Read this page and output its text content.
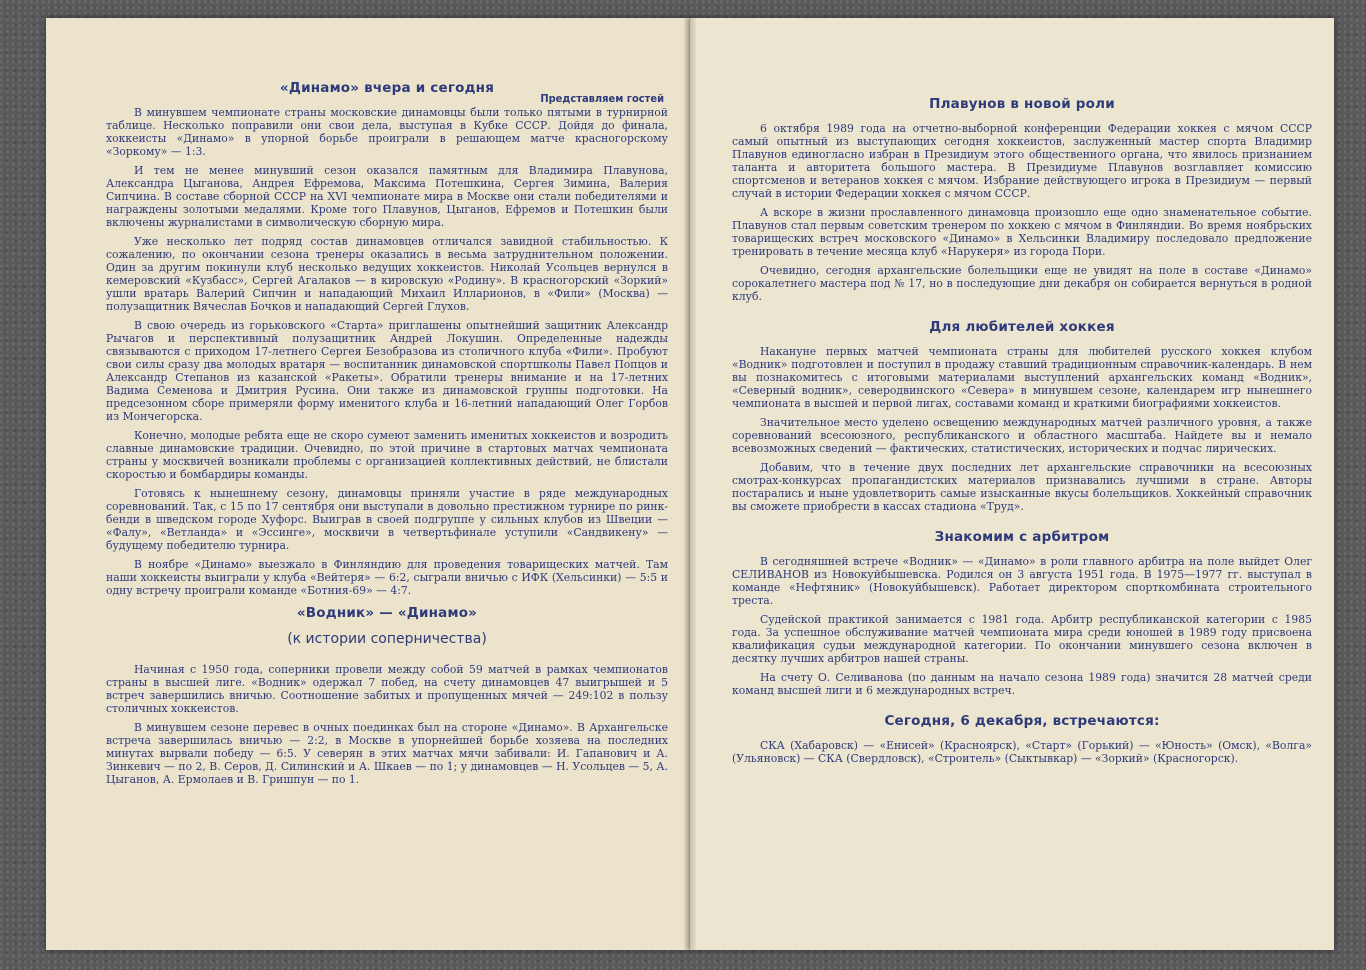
Представляем гостей
«Динамо» вчера и сегодня

В минувшем чемпионате страны московские динамовцы были только пятыми в турнирной таблице. Несколько поправили они свои дела, выступая в Кубке СССР. Дойдя до финала, хоккеисты «Динамо» в упорной борьбе проиграли в решающем матче красногорскому «Зоркому» — 1:3.

И тем не менее минувший сезон оказался памятным для Владимира Плавунова, Александра Цыганова, Андрея Ефремова, Максима Потешкина, Сергея Зимина, Валерия Сипчина. В составе сборной СССР на XVI чемпионате мира в Москве они стали победителями и награждены золотыми медалями. Кроме того Плавунов, Цыганов, Ефремов и Потешкин были включены журналистами в символическую сборную мира.

Уже несколько лет подряд состав динамовцев отличался завидной стабильностью. К сожалению, по окончании сезона тренеры оказались в весьма затруднительном положении. Один за другим покинули клуб несколько ведущих хоккеистов. Николай Усольцев вернулся в кемеровский «Кузбасс», Сергей Агалаков — в кировскую «Родину». В красногорский «Зоркий» ушли вратарь Валерий Сипчин и нападающий Михаил Илларионов, в «Фили» (Москва) — полузащитник Вячеслав Бочков и нападающий Сергей Глухов.

В свою очередь из горьковского «Старта» приглашены опытнейший защитник Александр Рычагов и перспективный полузащитник Андрей Локушин. Определенные надежды связываются с приходом 17-летнего Сергея Безобразова из столичного клуба «Фили». Пробуют свои силы сразу два молодых вратаря — воспитанник динамовской спортшколы Павел Попцов и Александр Степанов из казанской «Ракеты». Обратили тренеры внимание и на 17-летних Вадима Семенова и Дмитрия Русина. Они также из динамовской группы подготовки. На предсезонном сборе примеряли форму именитого клуба и 16-летний нападающий Олег Горбов из Мончегорска.

Конечно, молодые ребята еще не скоро сумеют заменить именитых хоккеистов и возродить славные динамовские традиции. Очевидно, по этой причине в стартовых матчах чемпионата страны у москвичей возникали проблемы с организацией коллективных действий, не блистали скоростью и бомбардиры команды.

Готовясь к нынешнему сезону, динамовцы приняли участие в ряде международных соревнований. Так, с 15 по 17 сентября они выступали в довольно престижном турнире по ринк-бенди в шведском городе Хуфорс. Выиграв в своей подгруппе у сильных клубов из Швеции — «Фалу», «Ветланда» и «Эссинге», москвичи в четвертьфинале уступили «Сандвикену» — будущему победителю турнира.

В ноябре «Динамо» выезжало в Финляндию для проведения товарищеских матчей. Там наши хоккеисты выиграли у клуба «Вейтеря» — 6:2, сыграли вничью с ИФК (Хельсинки) — 5:5 и одну встречу проиграли команде «Ботния-69» — 4:7.

«Водник» — «Динамо»
(к истории соперничества)

Начиная с 1950 года, соперники провели между собой 59 матчей в рамках чемпионатов страны в высшей лиге. «Водник» одержал 7 побед, на счету динамовцев 47 выигрышей и 5 встреч завершились вничью. Соотношение забитых и пропущенных мячей — 249:102 в пользу столичных хоккеистов.

В минувшем сезоне перевес в очных поединках был на стороне «Динамо». В Архангельске встреча завершилась вничью — 2:2, в Москве в упорнейшей борьбе хозяева на последних минутах вырвали победу — 6:5. У северян в этих матчах мячи забивали: И. Гапанович и А. Зинкевич — по 2, В. Серов, Д. Силинский и А. Шкаев — по 1; у динамовцев — Н. Усольцев — 5, А. Цыганов, А. Ермолаев и В. Гришпун — по 1.

Плавунов в новой роли

6 октября 1989 года на отчетно-выборной конференции Федерации хоккея с мячом СССР самый опытный из выступающих сегодня хоккеистов, заслуженный мастер спорта Владимир Плавунов единогласно избран в Президиум этого общественного органа, что явилось признанием таланта и авторитета большого мастера. В Президиуме Плавунов возглавляет комиссию спортсменов и ветеранов хоккея с мячом. Избрание действующего игрока в Президиум — первый случай в истории Федерации хоккея с мячом СССР.

А вскоре в жизни прославленного динамовца произошло еще одно знаменательное событие. Плавунов стал первым советским тренером по хоккею с мячом в Финляндии. Во время ноябрьских товарищеских встреч московского «Динамо» в Хельсинки Владимиру последовало предложение тренировать в течение месяца клуб «Нарукеря» из города Пори.

Очевидно, сегодня архангельские болельщики еще не увидят на поле в составе «Динамо» сорокалетнего мастера под № 17, но в последующие дни декабря он собирается вернуться в родной клуб.

Для любителей хоккея

Накануне первых матчей чемпионата страны для любителей русского хоккея клубом «Водник» подготовлен и поступил в продажу ставший традиционным справочник-календарь. В нем вы познакомитесь с итоговыми материалами выступлений архангельских команд «Водник», «Северный водник», северодвинского «Севера» в минувшем сезоне, календарем игр нынешнего чемпионата в высшей и первой лигах, составами команд и краткими биографиями хоккеистов.

Значительное место уделено освещению международных матчей различного уровня, а также соревнований всесоюзного, республиканского и областного масштаба. Найдете вы и немало всевозможных сведений — фактических, статистических, исторических и подчас лирических.

Добавим, что в течение двух последних лет архангельские справочники на всесоюзных смотрах-конкурсах пропагандистских материалов признавались лучшими в стране. Авторы постарались и ныне удовлетворить самые изысканные вкусы болельщиков. Хоккейный справочник вы сможете приобрести в кассах стадиона «Труд».

Знакомим с арбитром

В сегодняшней встрече «Водник» — «Динамо» в роли главного арбитра на поле выйдет Олег СЕЛИВАНОВ из Новокуйбышевска. Родился он 3 августа 1951 года. В 1975—1977 гг. выступал в команде «Нефтяник» (Новокуйбышевск). Работает директором спорткомбината строительного треста.

Судейской практикой занимается с 1981 года. Арбитр республиканской категории с 1985 года. За успешное обслуживание матчей чемпионата мира среди юношей в 1989 году присвоена квалификация судьи международной категории. По окончании минувшего сезона включен в десятку лучших арбитров нашей страны.

На счету О. Селиванова (по данным на начало сезона 1989 года) значится 28 матчей среди команд высшей лиги и 6 международных встреч.

Сегодня, 6 декабря, встречаются:

СКА (Хабаровск) — «Енисей» (Красноярск), «Старт» (Горький) — «Юность» (Омск), «Волга» (Ульяновск) — СКА (Свердловск), «Строитель» (Сыктывкар) — «Зоркий» (Красногорск).
